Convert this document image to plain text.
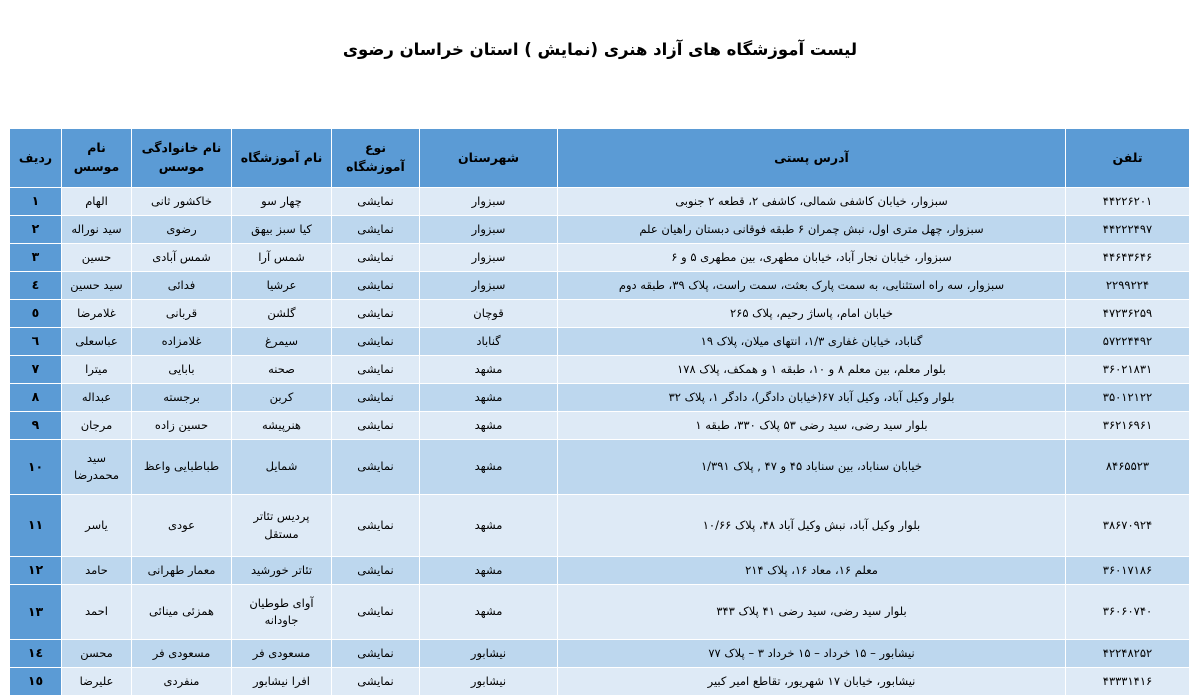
لیست آموزشگاه های آزاد هنری (نمایش ) استان خراسان رضوی
تلفن	آدرس پستی	شهرستان	نوع آموزشگاه	نام آموزشگاه	نام خانوادگی موسس	نام موسس	ردیف
۴۴۲۲۶۲۰۱	سبزوار، خیابان کاشفی شمالی، کاشفی ۲، قطعه ۲ جنوبی	سبزوار	نمایشی	چهار سو	خاکشور ثانی	الهام	۱
۴۴۲۲۲۴۹۷	سبزوار، چهل متری اول، نبش چمران ۶ طبقه فوقانی دبستان راهیان علم	سبزوار	نمایشی	کیا سبز بیهق	رضوی	سید نوراله	۲
۴۴۶۴۳۶۴۶	سبزوار، خیابان نجار آباد، خیابان مطهری، بین مطهری ۵ و ۶	سبزوار	نمایشی	شمس آرا	شمس آبادی	حسین	۳
۲۲۹۹۲۲۴	سبزوار، سه راه استثنایی، به سمت پارک بعثت، سمت راست، پلاک ۳۹، طبقه دوم	سبزوار	نمایشی	عرشیا	فدائی	سید حسین	٤
۴۷۲۳۶۲۵۹	خیابان امام، پاساژ رحیم، پلاک ۲۶۵	قوچان	نمایشی	گلشن	قربانی	غلامرضا	٥
۵۷۲۲۴۴۹۲	گناباد، خیابان غفاری ۱/۳، انتهای میلان، پلاک ۱۹	گناباد	نمایشی	سیمرغ	غلامزاده	عباسعلی	٦
۳۶۰۲۱۸۳۱	بلوار معلم، بین معلم ۸ و ۱۰، طبقه ۱ و همکف، پلاک ۱۷۸	مشهد	نمایشی	صحنه	بابایی	میترا	۷
۳۵۰۱۲۱۲۲	بلوار وکیل آباد، وکیل آباد ۶۷(خیابان دادگر)، دادگر ۱، پلاک ۳۲	مشهد	نمایشی	کربن	برجسته	عبداله	۸
۳۶۲۱۶۹۶۱	بلوار سید رضی، سید رضی ۵۳ پلاک ۳۳۰، طبقه ۱	مشهد	نمایشی	هنرپیشه	حسین زاده	مرجان	۹
۸۴۶۵۵۲۳	خیابان سناباد، بین سناباد ۴۵ و ۴۷ , پلاک ۱/۳۹۱	مشهد	نمایشی	شمایل	طباطبایی واعظ	سید محمدرضا	۱۰
۳۸۶۷۰۹۲۴	بلوار وکیل آباد، نبش وکیل آباد ۴۸، پلاک ۱۰/۶۶	مشهد	نمایشی	پردیس تئاتر مستقل	عودی	یاسر	۱۱
۳۶۰۱۷۱۸۶	معلم ۱۶، معاد ۱۶، پلاک ۲۱۴	مشهد	نمایشی	تئاتر خورشید	معمار طهرانی	حامد	۱۲
۳۶۰۶۰۷۴۰	بلوار سید رضی، سید رضی ۴۱ پلاک ۳۴۳	مشهد	نمایشی	آوای طوطیان جاودانه	همزئی مینائی	احمد	۱۳
۴۲۲۴۸۲۵۲	نیشابور – ۱۵ خرداد – ۱۵ خرداد ۳ – پلاک ۷۷	نیشابور	نمایشی	مسعودی فر	مسعودی فر	محسن	۱٤
۴۳۳۳۱۴۱۶	نیشابور، خیابان ۱۷ شهریور، تقاطع امیر کبیر	نیشابور	نمایشی	افرا نیشابور	منفردی	علیرضا	۱٥
